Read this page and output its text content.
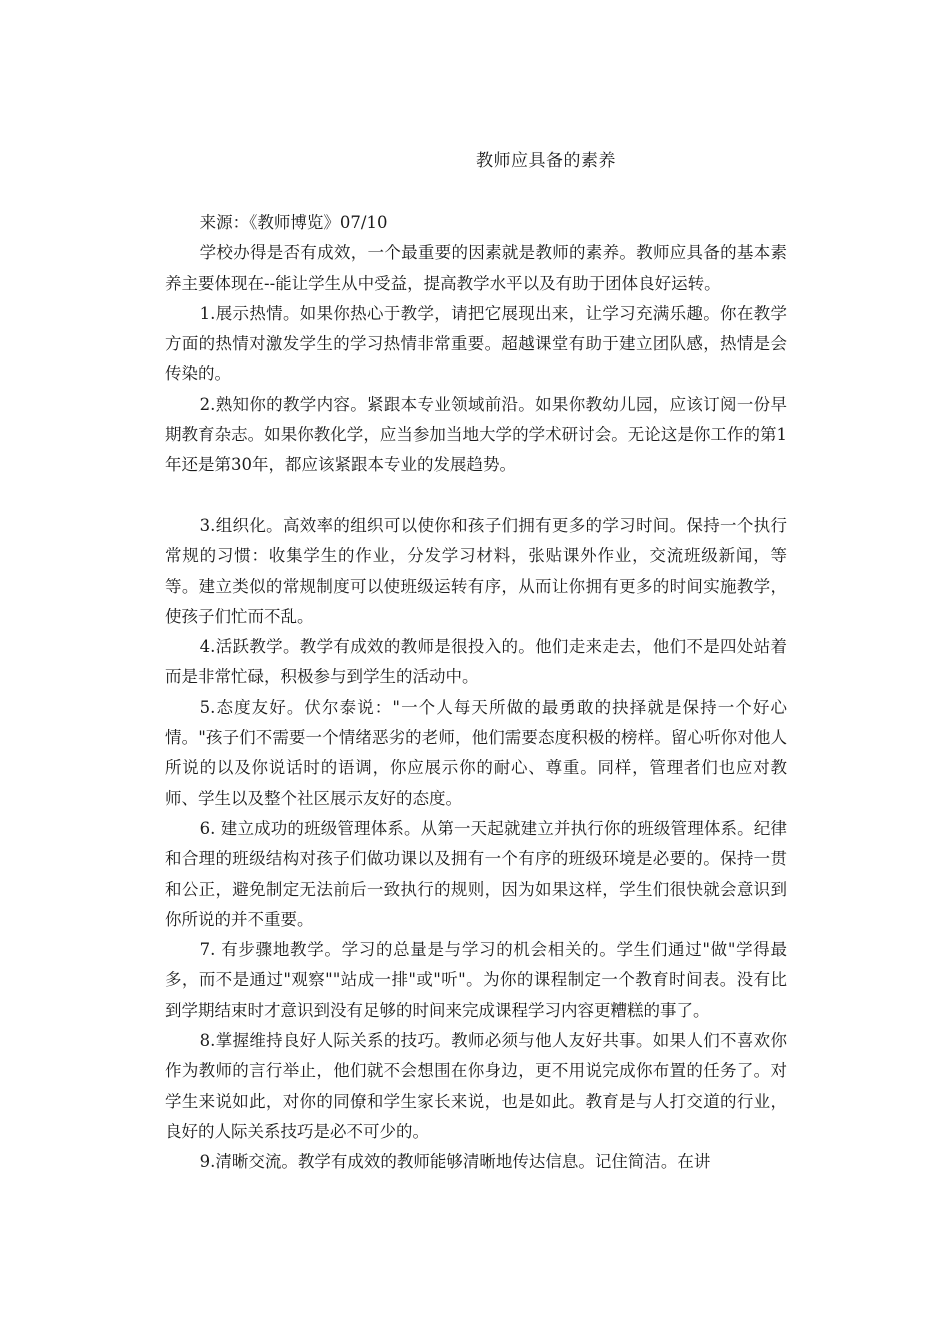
教师应具备的素养

来源：《教师博览》07/10

学校办得是否有成效，一个最重要的因素就是教师的素养。教师应具备的基本素养主要体现在--能让学生从中受益，提高教学水平以及有助于团体良好运转。

1.展示热情。如果你热心于教学，请把它展现出来，让学习充满乐趣。你在教学方面的热情对激发学生的学习热情非常重要。超越课堂有助于建立团队感，热情是会传染的。

2.熟知你的教学内容。紧跟本专业领域前沿。如果你教幼儿园，应该订阅一份早期教育杂志。如果你教化学，应当参加当地大学的学术研讨会。无论这是你工作的第1年还是第30年，都应该紧跟本专业的发展趋势。

3.组织化。高效率的组织可以使你和孩子们拥有更多的学习时间。保持一个执行常规的习惯：收集学生的作业，分发学习材料，张贴课外作业，交流班级新闻，等等。建立类似的常规制度可以使班级运转有序，从而让你拥有更多的时间实施教学，使孩子们忙而不乱。

4.活跃教学。教学有成效的教师是很投入的。他们走来走去，他们不是四处站着而是非常忙碌，积极参与到学生的活动中。

5.态度友好。伏尔泰说："一个人每天所做的最勇敢的抉择就是保持一个好心情。"孩子们不需要一个情绪恶劣的老师，他们需要态度积极的榜样。留心听你对他人所说的以及你说话时的语调，你应展示你的耐心、尊重。同样，管理者们也应对教师、学生以及整个社区展示友好的态度。

6. 建立成功的班级管理体系。从第一天起就建立并执行你的班级管理体系。纪律和合理的班级结构对孩子们做功课以及拥有一个有序的班级环境是必要的。保持一贯和公正，避免制定无法前后一致执行的规则，因为如果这样，学生们很快就会意识到你所说的并不重要。

7. 有步骤地教学。学习的总量是与学习的机会相关的。学生们通过"做"学得最多，而不是通过"观察""站成一排"或"听"。为你的课程制定一个教育时间表。没有比到学期结束时才意识到没有足够的时间来完成课程学习内容更糟糕的事了。

8.掌握维持良好人际关系的技巧。教师必须与他人友好共事。如果人们不喜欢你作为教师的言行举止，他们就不会想围在你身边，更不用说完成你布置的任务了。对学生来说如此，对你的同僚和学生家长来说，也是如此。教育是与人打交道的行业，良好的人际关系技巧是必不可少的。

9.清晰交流。教学有成效的教师能够清晰地传达信息。记住简洁。在讲
